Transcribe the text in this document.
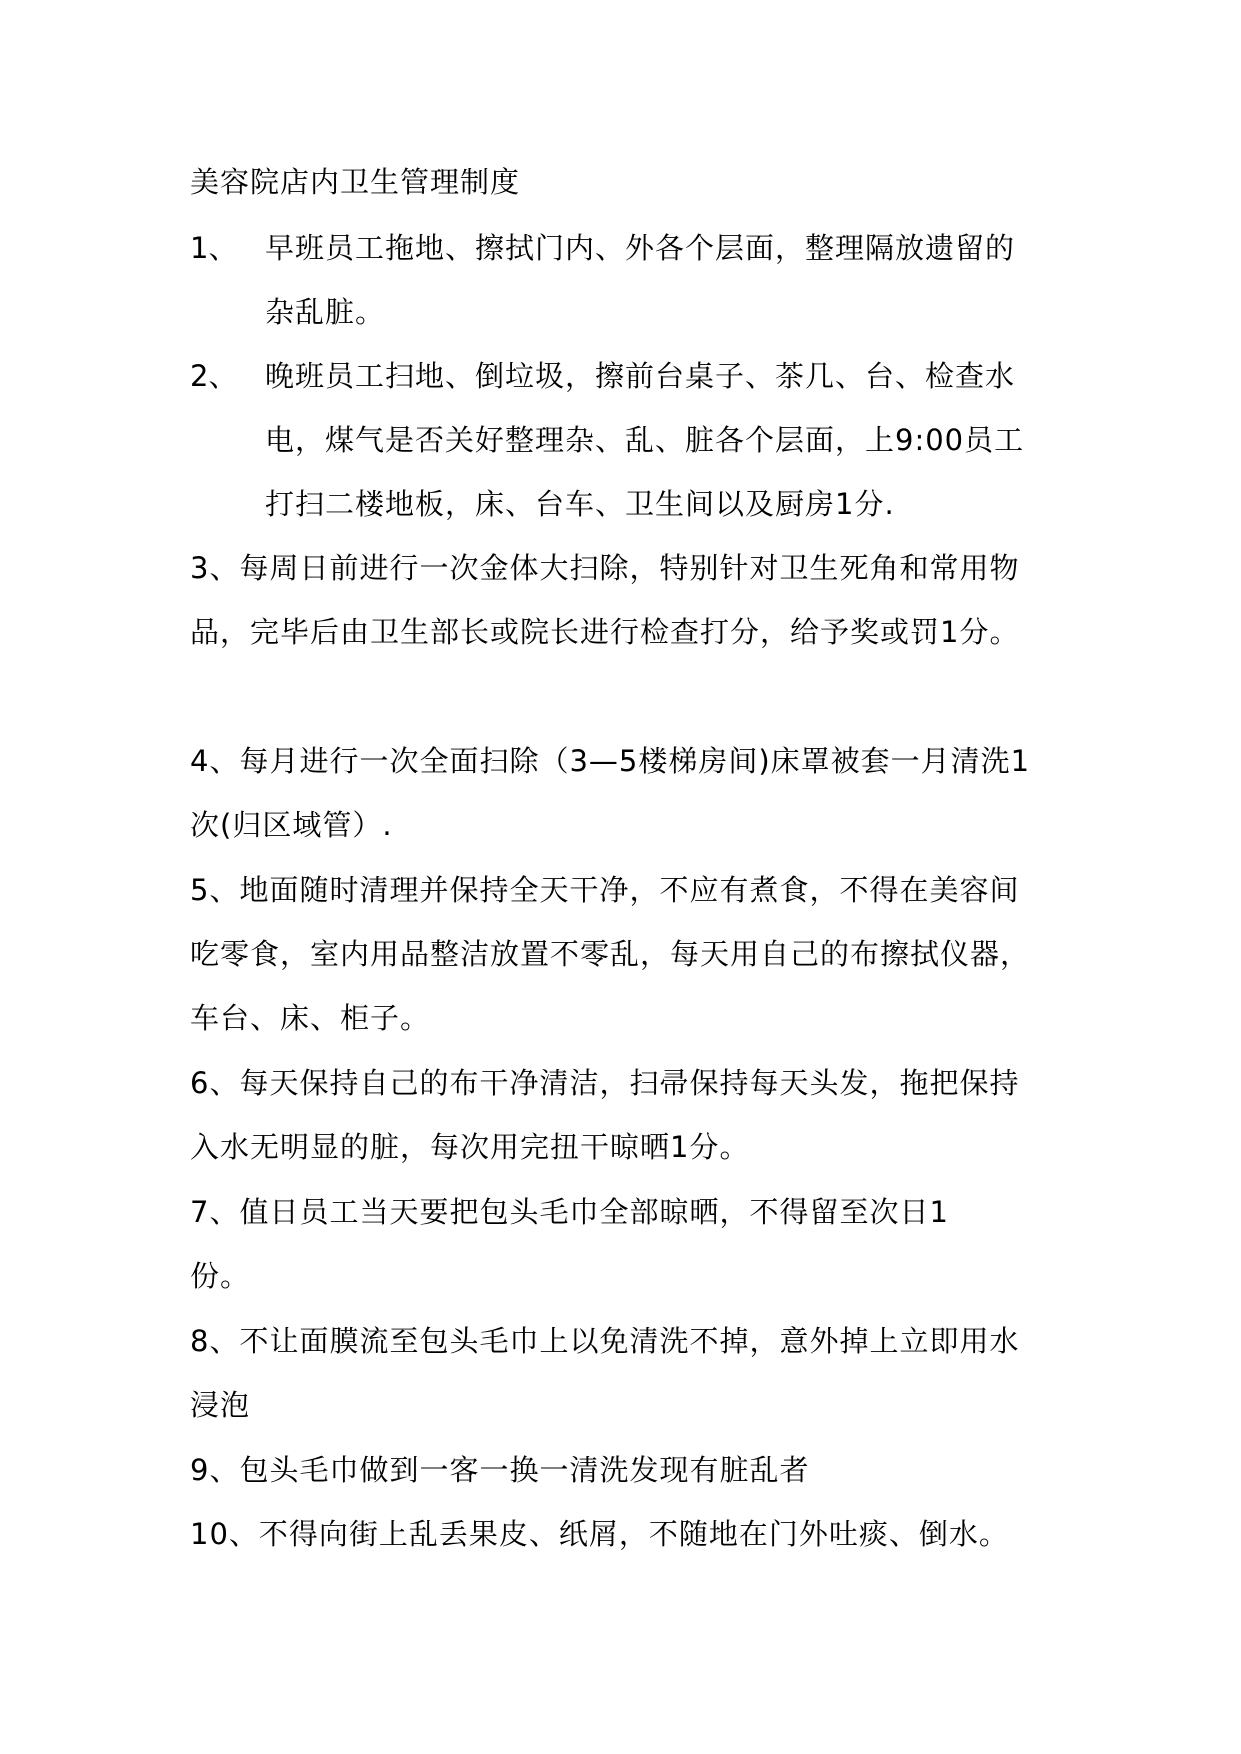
美容院店内卫生管理制度
1、 早班员工拖地、擦拭门内、外各个层面，整理隔放遗留的
杂乱脏。
2、 晚班员工扫地、倒垃圾，擦前台桌子、茶几、台、检查水
电，煤气是否关好整理杂、乱、脏各个层面，上9:00员工
打扫二楼地板，床、台车、卫生间以及厨房1分.
3、每周日前进行一次金体大扫除，特别针对卫生死角和常用物
品，完毕后由卫生部长或院长进行检查打分，给予奖或罚1分。
4、每月进行一次全面扫除（3—5楼梯房间)床罩被套一月清洗1
次(归区域管）.
5、地面随时清理并保持全天干净，不应有煮食，不得在美容间
吃零食，室内用品整洁放置不零乱，每天用自己的布擦拭仪器，
车台、床、柜子。
6、每天保持自己的布干净清洁，扫帚保持每天头发，拖把保持
入水无明显的脏，每次用完扭干晾晒1分。
7、值日员工当天要把包头毛巾全部晾晒，不得留至次日1
份。
8、不让面膜流至包头毛巾上以免清洗不掉，意外掉上立即用水
浸泡
9、包头毛巾做到一客一换一清洗发现有脏乱者
10、不得向街上乱丢果皮、纸屑，不随地在门外吐痰、倒水。
